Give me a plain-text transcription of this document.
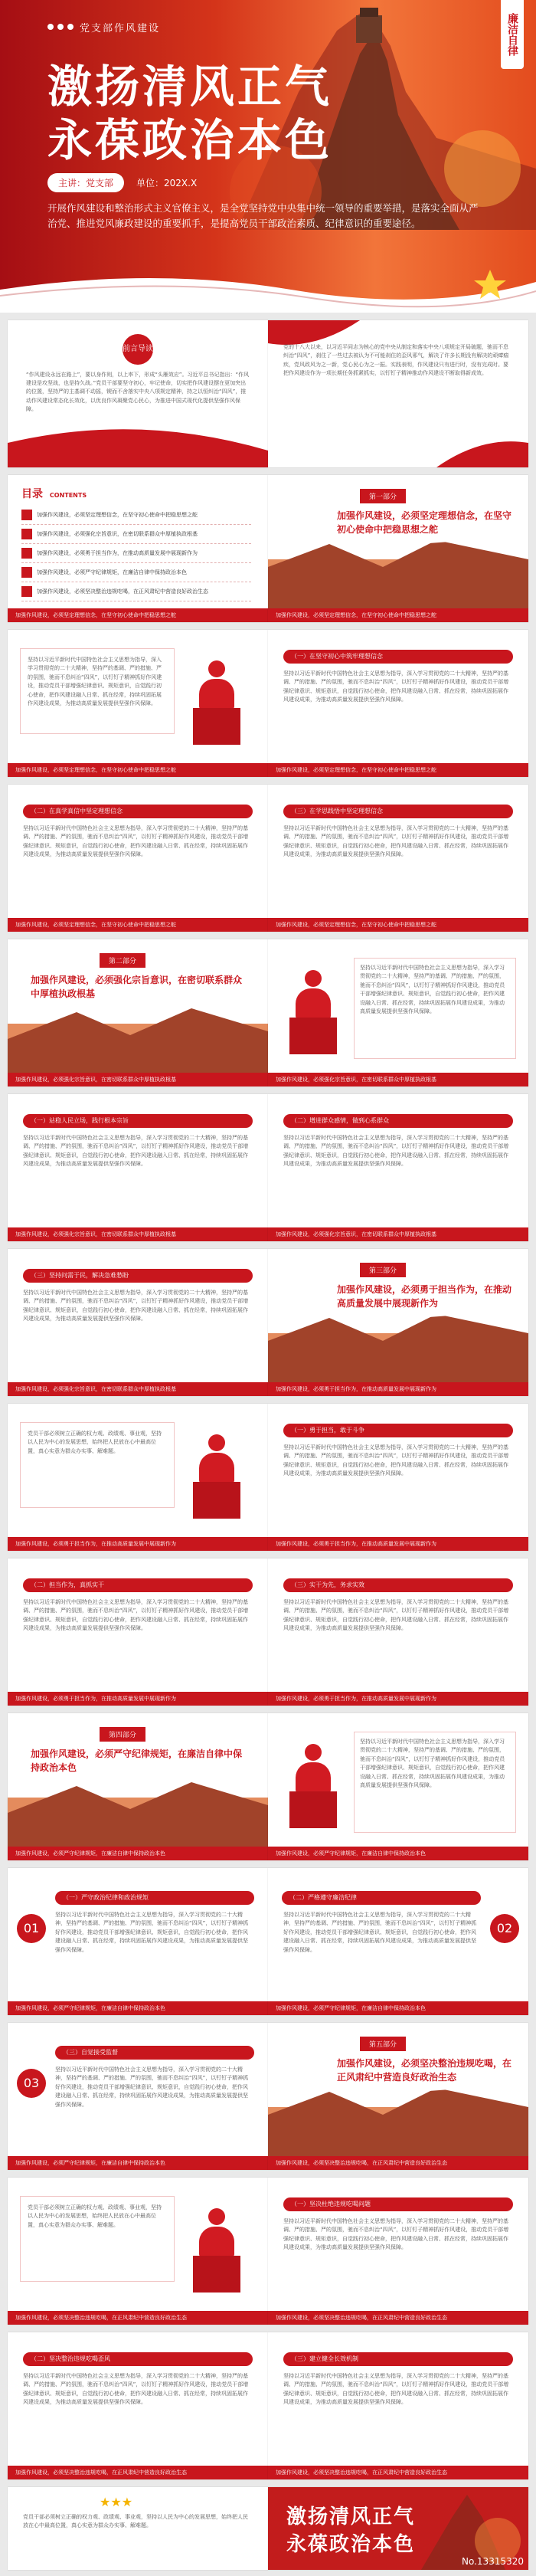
廉洁自律
党支部作风建设
激扬清风正气
永葆政治本色
主讲：党支部	单位：202X.X
开展作风建设和整治形式主义官僚主义，是全党坚持党中央集中统一领导的重要举措，是落实全面从严治党、推进党风廉政建设的重要抓手，是提高党员干部政治素质、纪律意识的重要途径。
前言导读
“作风建设永远在路上”，要以身作则，以上率下，形成“头雁效应”。习近平总书记指出：“作风建设是攻坚战，也是持久战。”党员干部要坚守初心，牢记使命，切实把作风建设摆在更加突出的位置，坚持严的主基调不动摇，锲而不舍落实中央八项规定精神，持之以恒纠治“四风”，推动作风建设常态化长效化，以优良作风凝聚党心民心，为推进中国式现代化提供坚强作风保障。
党的十八大以来，以习近平同志为核心的党中央从制定和落实中央八项规定开局破题，驰而不息纠治“四风”，刹住了一些过去被认为不可能刹住的歪风邪气，解决了许多长期没有解决的顽瘴痼疾，党风政风为之一新，党心民心为之一振。实践表明，作风建设只有进行时，没有完成时。要把作风建设作为一项长期任务抓紧抓实，以钉钉子精神推动作风建设不断取得新成效。
目录 CONTENTS
加强作风建设，必须坚定理想信念，在坚守初心使命中把稳思想之舵
加强作风建设，必须强化宗旨意识，在密切联系群众中厚植执政根基
加强作风建设，必须勇于担当作为，在推动高质量发展中展现新作为
加强作风建设，必须严守纪律规矩，在廉洁自律中保持政治本色
加强作风建设，必须坚决整治违规吃喝，在正风肃纪中营造良好政治生态
加强作风建设，必须坚定理想信念，在坚守初心使命中把稳思想之舵
第一部分
加强作风建设，必须坚定理想信念，在坚守初心使命中把稳思想之舵
加强作风建设，必须坚定理想信念，在坚守初心使命中把稳思想之舵
坚持以习近平新时代中国特色社会主义思想为指导，深入学习贯彻党的二十大精神，坚持严的基调、严的措施、严的氛围，驰而不息纠治“四风”，以钉钉子精神抓好作风建设，推动党员干部增强纪律意识、规矩意识，自觉践行初心使命，把作风建设融入日常、抓在经常，持续巩固拓展作风建设成果，为推动高质量发展提供坚强作风保障。
加强作风建设，必须坚定理想信念，在坚守初心使命中把稳思想之舵
（一）在坚守初心中筑牢理想信念
坚持以习近平新时代中国特色社会主义思想为指导，深入学习贯彻党的二十大精神，坚持严的基调、严的措施、严的氛围，驰而不息纠治“四风”，以钉钉子精神抓好作风建设，推动党员干部增强纪律意识、规矩意识，自觉践行初心使命，把作风建设融入日常、抓在经常，持续巩固拓展作风建设成果，为推动高质量发展提供坚强作风保障。
加强作风建设，必须坚定理想信念，在坚守初心使命中把稳思想之舵
（二）在真学真信中坚定理想信念
坚持以习近平新时代中国特色社会主义思想为指导，深入学习贯彻党的二十大精神，坚持严的基调、严的措施、严的氛围，驰而不息纠治“四风”，以钉钉子精神抓好作风建设，推动党员干部增强纪律意识、规矩意识，自觉践行初心使命，把作风建设融入日常、抓在经常，持续巩固拓展作风建设成果，为推动高质量发展提供坚强作风保障。
加强作风建设，必须坚定理想信念，在坚守初心使命中把稳思想之舵
（三）在学思践悟中坚定理想信念
坚持以习近平新时代中国特色社会主义思想为指导，深入学习贯彻党的二十大精神，坚持严的基调、严的措施、严的氛围，驰而不息纠治“四风”，以钉钉子精神抓好作风建设，推动党员干部增强纪律意识、规矩意识，自觉践行初心使命，把作风建设融入日常、抓在经常，持续巩固拓展作风建设成果，为推动高质量发展提供坚强作风保障。
加强作风建设，必须坚定理想信念，在坚守初心使命中把稳思想之舵
第二部分
加强作风建设，必须强化宗旨意识，在密切联系群众中厚植执政根基
加强作风建设，必须强化宗旨意识，在密切联系群众中厚植执政根基
坚持以习近平新时代中国特色社会主义思想为指导，深入学习贯彻党的二十大精神，坚持严的基调、严的措施、严的氛围，驰而不息纠治“四风”，以钉钉子精神抓好作风建设，推动党员干部增强纪律意识、规矩意识，自觉践行初心使命，把作风建设融入日常、抓在经常，持续巩固拓展作风建设成果，为推动高质量发展提供坚强作风保障。
加强作风建设，必须强化宗旨意识，在密切联系群众中厚植执政根基
（一）站稳人民立场，践行根本宗旨
坚持以习近平新时代中国特色社会主义思想为指导，深入学习贯彻党的二十大精神，坚持严的基调、严的措施、严的氛围，驰而不息纠治“四风”，以钉钉子精神抓好作风建设，推动党员干部增强纪律意识、规矩意识，自觉践行初心使命，把作风建设融入日常、抓在经常，持续巩固拓展作风建设成果，为推动高质量发展提供坚强作风保障。
加强作风建设，必须强化宗旨意识，在密切联系群众中厚植执政根基
（二）增进群众感情，做到心系群众
坚持以习近平新时代中国特色社会主义思想为指导，深入学习贯彻党的二十大精神，坚持严的基调、严的措施、严的氛围，驰而不息纠治“四风”，以钉钉子精神抓好作风建设，推动党员干部增强纪律意识、规矩意识，自觉践行初心使命，把作风建设融入日常、抓在经常，持续巩固拓展作风建设成果，为推动高质量发展提供坚强作风保障。
加强作风建设，必须强化宗旨意识，在密切联系群众中厚植执政根基
（三）坚持问需于民，解决急难愁盼
坚持以习近平新时代中国特色社会主义思想为指导，深入学习贯彻党的二十大精神，坚持严的基调、严的措施、严的氛围，驰而不息纠治“四风”，以钉钉子精神抓好作风建设，推动党员干部增强纪律意识、规矩意识，自觉践行初心使命，把作风建设融入日常、抓在经常，持续巩固拓展作风建设成果，为推动高质量发展提供坚强作风保障。
加强作风建设，必须强化宗旨意识，在密切联系群众中厚植执政根基
第三部分
加强作风建设，必须勇于担当作为，在推动高质量发展中展现新作为
加强作风建设，必须勇于担当作为，在推动高质量发展中展现新作为
党员干部必须树立正确的权力观、政绩观、事业观，坚持以人民为中心的发展思想，始终把人民放在心中最高位置，真心实意为群众办实事、解难题。
加强作风建设，必须勇于担当作为，在推动高质量发展中展现新作为
（一）勇于担当，敢于斗争
坚持以习近平新时代中国特色社会主义思想为指导，深入学习贯彻党的二十大精神，坚持严的基调、严的措施、严的氛围，驰而不息纠治“四风”，以钉钉子精神抓好作风建设，推动党员干部增强纪律意识、规矩意识，自觉践行初心使命，把作风建设融入日常、抓在经常，持续巩固拓展作风建设成果，为推动高质量发展提供坚强作风保障。
加强作风建设，必须勇于担当作为，在推动高质量发展中展现新作为
（二）担当作为，真抓实干
坚持以习近平新时代中国特色社会主义思想为指导，深入学习贯彻党的二十大精神，坚持严的基调、严的措施、严的氛围，驰而不息纠治“四风”，以钉钉子精神抓好作风建设，推动党员干部增强纪律意识、规矩意识，自觉践行初心使命，把作风建设融入日常、抓在经常，持续巩固拓展作风建设成果，为推动高质量发展提供坚强作风保障。
加强作风建设，必须勇于担当作为，在推动高质量发展中展现新作为
（三）实干为先，务求实效
坚持以习近平新时代中国特色社会主义思想为指导，深入学习贯彻党的二十大精神，坚持严的基调、严的措施、严的氛围，驰而不息纠治“四风”，以钉钉子精神抓好作风建设，推动党员干部增强纪律意识、规矩意识，自觉践行初心使命，把作风建设融入日常、抓在经常，持续巩固拓展作风建设成果，为推动高质量发展提供坚强作风保障。
加强作风建设，必须勇于担当作为，在推动高质量发展中展现新作为
第四部分
加强作风建设，必须严守纪律规矩，在廉洁自律中保持政治本色
加强作风建设，必须严守纪律规矩，在廉洁自律中保持政治本色
坚持以习近平新时代中国特色社会主义思想为指导，深入学习贯彻党的二十大精神，坚持严的基调、严的措施、严的氛围，驰而不息纠治“四风”，以钉钉子精神抓好作风建设，推动党员干部增强纪律意识、规矩意识，自觉践行初心使命，把作风建设融入日常、抓在经常，持续巩固拓展作风建设成果，为推动高质量发展提供坚强作风保障。
加强作风建设，必须严守纪律规矩，在廉洁自律中保持政治本色
01
（一）严守政治纪律和政治规矩
坚持以习近平新时代中国特色社会主义思想为指导，深入学习贯彻党的二十大精神，坚持严的基调、严的措施、严的氛围，驰而不息纠治“四风”，以钉钉子精神抓好作风建设，推动党员干部增强纪律意识、规矩意识，自觉践行初心使命，把作风建设融入日常、抓在经常，持续巩固拓展作风建设成果，为推动高质量发展提供坚强作风保障。
加强作风建设，必须严守纪律规矩，在廉洁自律中保持政治本色
02
（二）严格遵守廉洁纪律
坚持以习近平新时代中国特色社会主义思想为指导，深入学习贯彻党的二十大精神，坚持严的基调、严的措施、严的氛围，驰而不息纠治“四风”，以钉钉子精神抓好作风建设，推动党员干部增强纪律意识、规矩意识，自觉践行初心使命，把作风建设融入日常、抓在经常，持续巩固拓展作风建设成果，为推动高质量发展提供坚强作风保障。
加强作风建设，必须严守纪律规矩，在廉洁自律中保持政治本色
03
（三）自觉接受监督
坚持以习近平新时代中国特色社会主义思想为指导，深入学习贯彻党的二十大精神，坚持严的基调、严的措施、严的氛围，驰而不息纠治“四风”，以钉钉子精神抓好作风建设，推动党员干部增强纪律意识、规矩意识，自觉践行初心使命，把作风建设融入日常、抓在经常，持续巩固拓展作风建设成果，为推动高质量发展提供坚强作风保障。
加强作风建设，必须严守纪律规矩，在廉洁自律中保持政治本色
第五部分
加强作风建设，必须坚决整治违规吃喝，在正风肃纪中营造良好政治生态
加强作风建设，必须坚决整治违规吃喝，在正风肃纪中营造良好政治生态
党员干部必须树立正确的权力观、政绩观、事业观，坚持以人民为中心的发展思想，始终把人民放在心中最高位置，真心实意为群众办实事、解难题。
加强作风建设，必须坚决整治违规吃喝，在正风肃纪中营造良好政治生态
（一）坚决杜绝违规吃喝问题
坚持以习近平新时代中国特色社会主义思想为指导，深入学习贯彻党的二十大精神，坚持严的基调、严的措施、严的氛围，驰而不息纠治“四风”，以钉钉子精神抓好作风建设，推动党员干部增强纪律意识、规矩意识，自觉践行初心使命，把作风建设融入日常、抓在经常，持续巩固拓展作风建设成果，为推动高质量发展提供坚强作风保障。
加强作风建设，必须坚决整治违规吃喝，在正风肃纪中营造良好政治生态
（二）坚决整治违规吃喝歪风
坚持以习近平新时代中国特色社会主义思想为指导，深入学习贯彻党的二十大精神，坚持严的基调、严的措施、严的氛围，驰而不息纠治“四风”，以钉钉子精神抓好作风建设，推动党员干部增强纪律意识、规矩意识，自觉践行初心使命，把作风建设融入日常、抓在经常，持续巩固拓展作风建设成果，为推动高质量发展提供坚强作风保障。
加强作风建设，必须坚决整治违规吃喝，在正风肃纪中营造良好政治生态
（三）建立健全长效机制
坚持以习近平新时代中国特色社会主义思想为指导，深入学习贯彻党的二十大精神，坚持严的基调、严的措施、严的氛围，驰而不息纠治“四风”，以钉钉子精神抓好作风建设，推动党员干部增强纪律意识、规矩意识，自觉践行初心使命，把作风建设融入日常、抓在经常，持续巩固拓展作风建设成果，为推动高质量发展提供坚强作风保障。
加强作风建设，必须坚决整治违规吃喝，在正风肃纪中营造良好政治生态
★★★
党员干部必须树立正确的权力观、政绩观、事业观，坚持以人民为中心的发展思想，始终把人民放在心中最高位置，真心实意为群众办实事、解难题。	激扬清风正气
永葆政治本色
No.13315320
